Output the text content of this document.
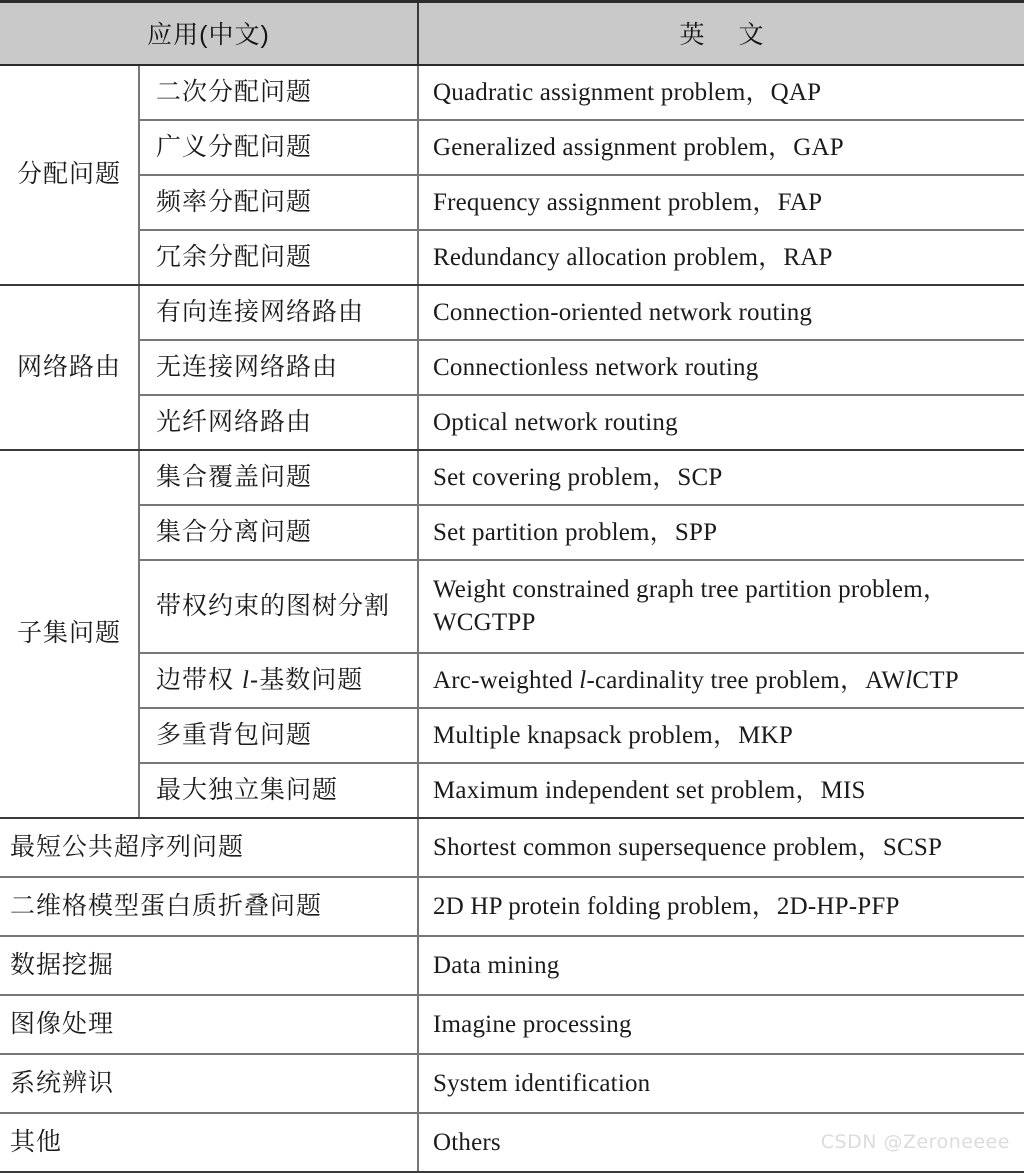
应用(中文)		英 文
分配问题	二次分配问题	Quadratic assignment problem，QAP
	广义分配问题	Generalized assignment problem，GAP
	频率分配问题	Frequency assignment problem，FAP
	冗余分配问题	Redundancy allocation problem，RAP
网络路由	有向连接网络路由	Connection-oriented network routing
	无连接网络路由	Connectionless network routing
	光纤网络路由	Optical network routing
子集问题	集合覆盖问题	Set covering problem，SCP
	集合分离问题	Set partition problem，SPP
	带权约束的图树分割	Weight constrained graph tree partition problem，
WCGTPP

	边带权 l-基数问题	Arc-weighted l-cardinality tree problem，AWlCTP
	多重背包问题	Multiple knapsack problem，MKP
	最大独立集问题	Maximum independent set problem，MIS
最短公共超序列问题		Shortest common supersequence problem，SCSP
二维格模型蛋白质折叠问题		2D HP protein folding problem，2D-HP-PFP
数据挖掘		Data mining
图像处理		Imagine processing
系统辨识		System identification
其他		Others	CSDN @Zeroneeee
